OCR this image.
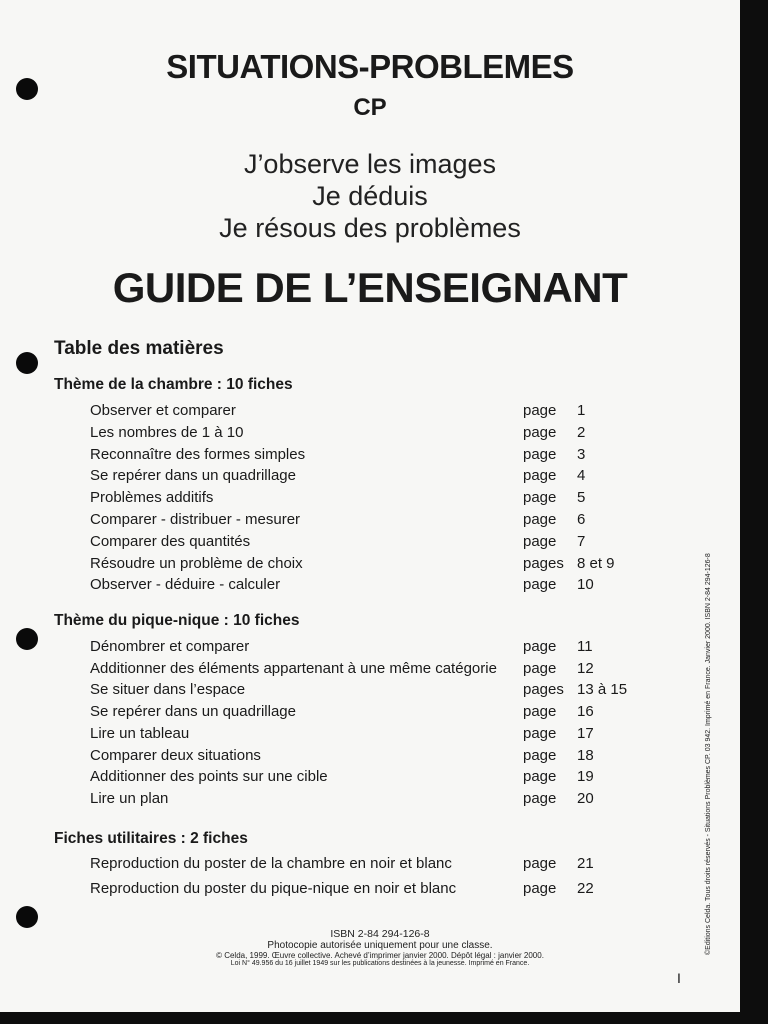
SITUATIONS-PROBLEMES
CP
J’observe les images
Je déduis
Je résous des problèmes
GUIDE DE L’ENSEIGNANT
Table des matières
Thème de la chambre : 10 fiches
Observer et comparer	page 1
Les nombres de 1 à 10	page 2
Reconnaître des formes simples	page 3
Se repérer dans un quadrillage	page 4
Problèmes additifs	page 5
Comparer - distribuer - mesurer	page 6
Comparer des quantités	page 7
Résoudre un problème de choix	pages 8 et 9
Observer - déduire - calculer	page 10
Thème du pique-nique : 10 fiches
Dénombrer et comparer	page 11
Additionner des éléments appartenant à une même catégorie page 12
Se situer dans l’espace	pages 13 à 15
Se repérer dans un quadrillage	page 16
Lire un tableau	page 17
Comparer deux situations	page 18
Additionner des points sur une cible	page 19
Lire un plan	page 20
Fiches utilitaires : 2 fiches
Reproduction du poster de la chambre en noir et blanc	page 21
Reproduction du poster du pique-nique en noir et blanc	page 22
ISBN 2-84 294-126-8
Photocopie autorisée uniquement pour une classe.
© Celda, 1999. Œuvre collective. Achevé d’imprimer janvier 2000. Dépôt légal : janvier 2000.
Loi N° 49.956 du 16 juillet 1949 sur les publications destinées à la jeunesse. Imprimé en France.
©Editions Celda. Tous droits réservés - Situations Problèmes CP. 03 942. Imprimé en France. Janvier 2000. ISBN 2-84 294-126-8
I
